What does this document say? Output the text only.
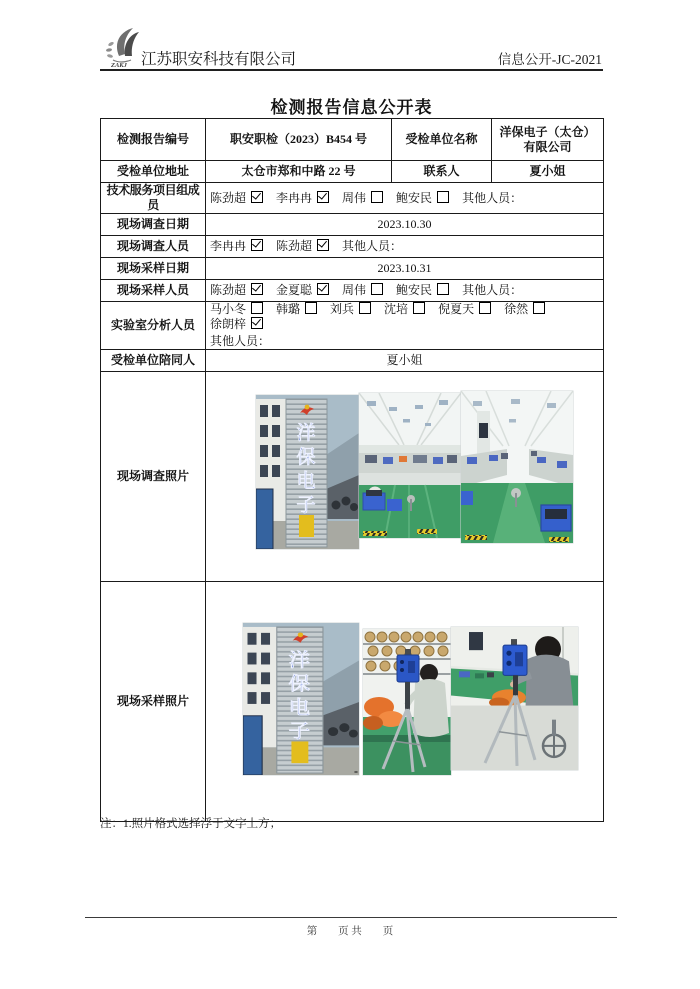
ZAKJ 江苏职安科技有限公司	信息公开-JC-2021
检测报告信息公开表
检测报告编号	职安职检（2023）B454 号	受检单位名称	洋保电子（太仓）有限公司
受检单位地址	太仓市郑和中路 22 号	联系人	夏小姐
技术服务项目组成员	陈劲超 李冉冉 周伟 鲍安民 其他人员：		
现场调查日期	2023.10.30		
现场调查人员	李冉冉 陈劲超 其他人员：		
现场采样日期	2023.10.31		
现场采样人员	陈劲超 金夏聪 周伟 鲍安民 其他人员：		
实验室分析人员	马小冬 韩璐 刘兵 沈培 倪夏天 徐然徐朗梓
其他人员：		

受检单位陪同人	夏小姐		
现场调查照片	

现场采样照片	-		
注：1.照片格式选择浮于文字上方；
第　　页 共　　页
